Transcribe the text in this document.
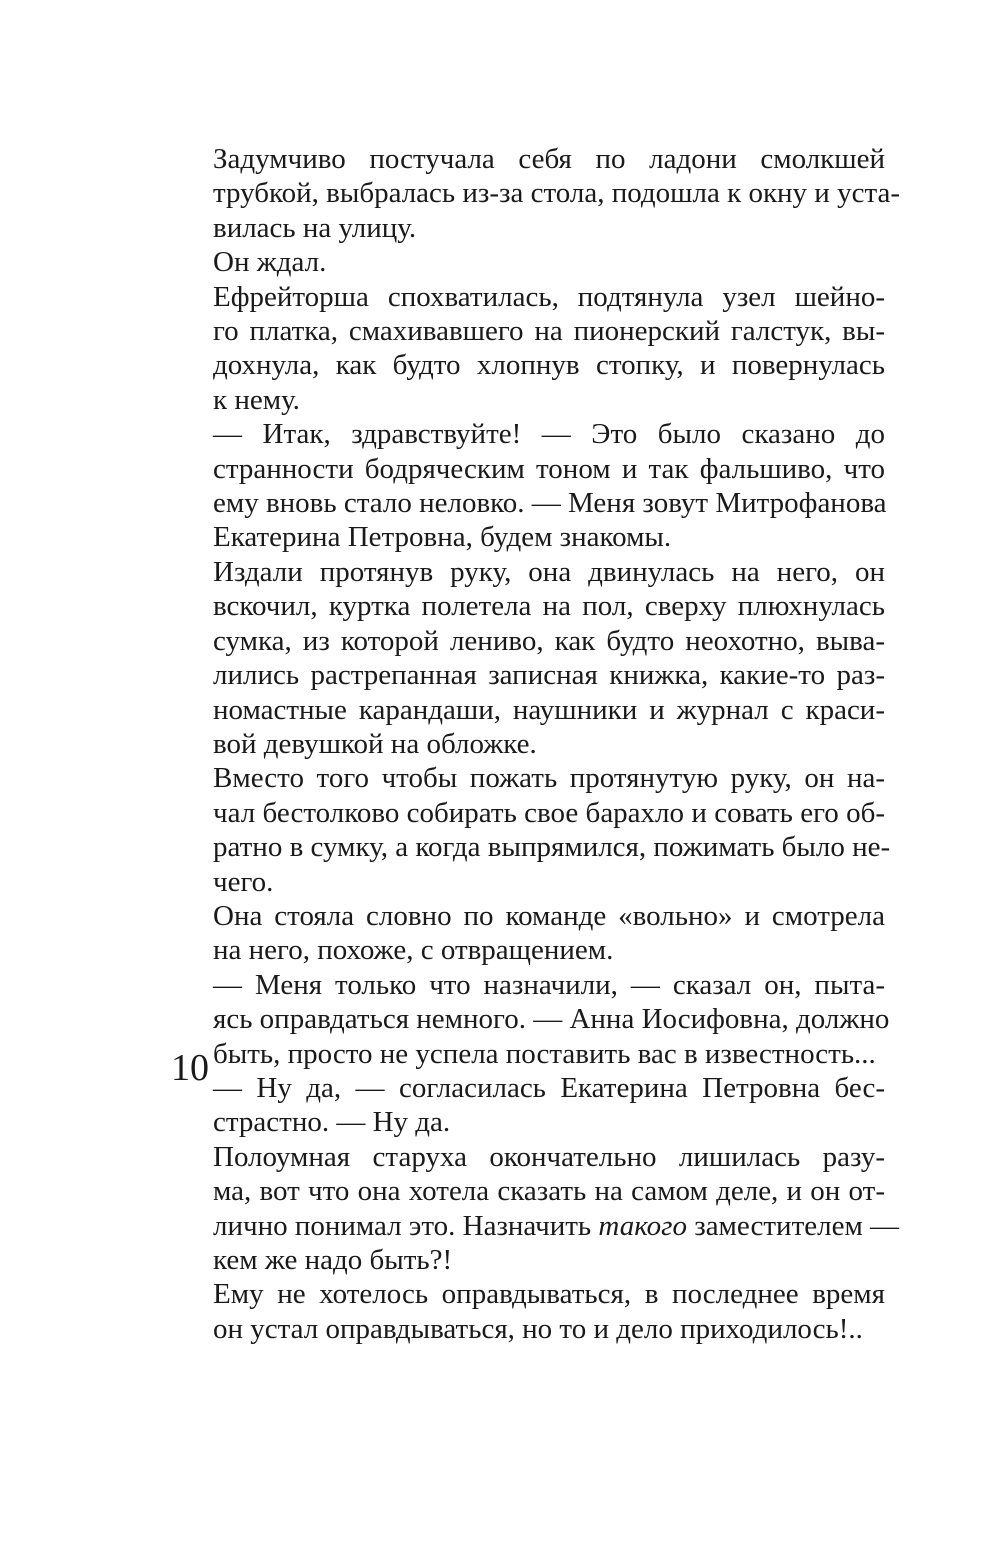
Задумчиво постучала себя по ладони смолкшей
трубкой, выбралась из-за стола, подошла к окну и уста-
вилась на улицу.

Он ждал.

Ефрейторша спохватилась, подтянула узел шейно-
го платка, смахивавшего на пионерский галстук, вы-
дохнула, как будто хлопнув стопку, и повернулась
к нему.

— Итак, здравствуйте! — Это было сказано до
странности бодряческим тоном и так фальшиво, что
ему вновь стало неловко. — Меня зовут Митрофанова
Екатерина Петровна, будем знакомы.

Издали протянув руку, она двинулась на него, он
вскочил, куртка полетела на пол, сверху плюхнулась
сумка, из которой лениво, как будто неохотно, выва-
лились растрепанная записная книжка, какие-то раз-
номастные карандаши, наушники и журнал с краси-
вой девушкой на обложке.

Вместо того чтобы пожать протянутую руку, он на-
чал бестолково собирать свое барахло и совать его об-
ратно в сумку, а когда выпрямился, пожимать было не-
чего.

Она стояла словно по команде «вольно» и смотрела
на него, похоже, с отвращением.

— Меня только что назначили, — сказал он, пыта-
ясь оправдаться немного. — Анна Иосифовна, должно
быть, просто не успела поставить вас в известность...

— Ну да, — согласилась Екатерина Петровна бес-
страстно. — Ну да.

Полоумная старуха окончательно лишилась разу-
ма, вот что она хотела сказать на самом деле, и он от-
лично понимал это. Назначить такого заместителем —
кем же надо быть?!

Ему не хотелось оправдываться, в последнее время
он устал оправдываться, но то и дело приходилось!..

10
